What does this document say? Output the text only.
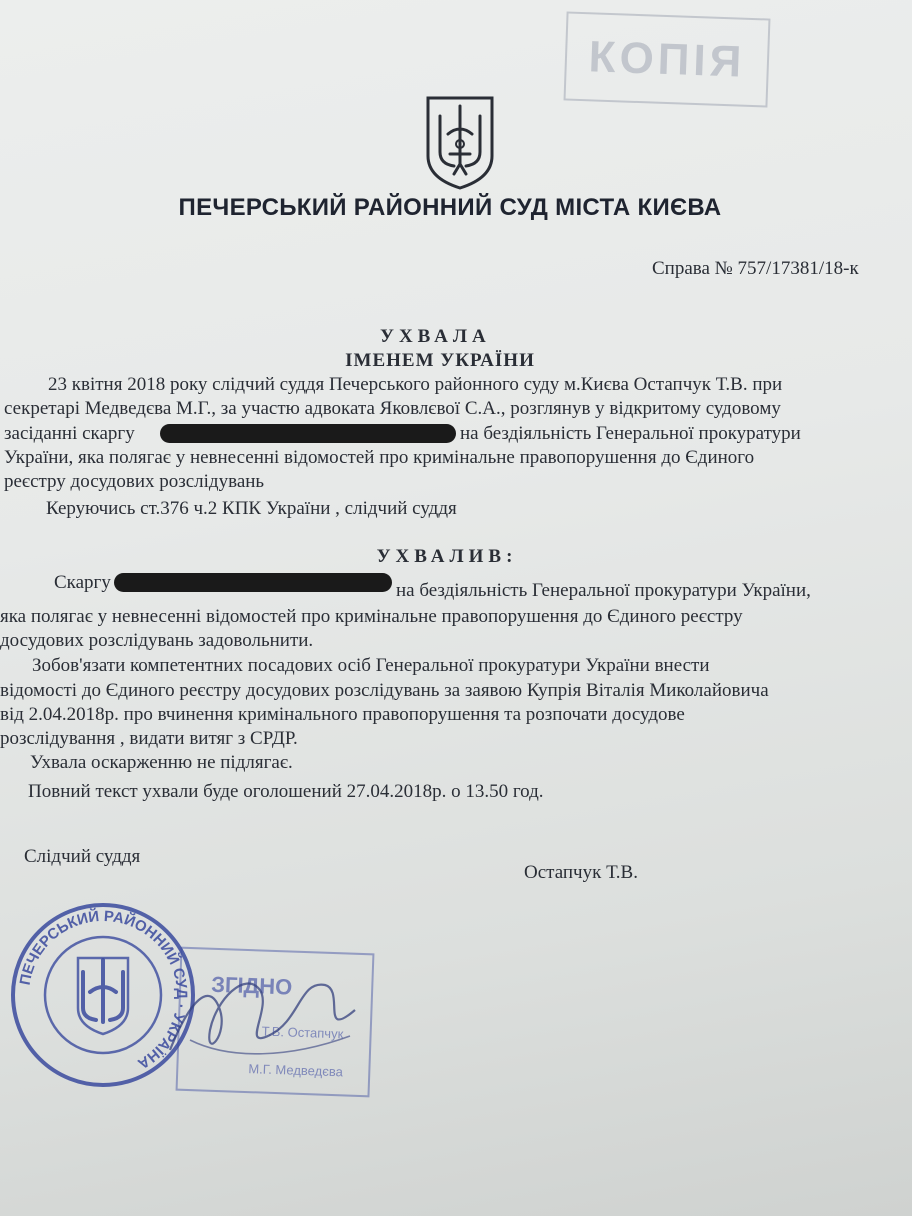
КОПІЯ
ПЕЧЕРСЬКИЙ РАЙОННИЙ СУД МІСТА КИЄВА
Справа № 757/17381/18-к
УХВАЛА
ІМЕНЕМ УКРАЇНИ
23 квітня 2018 року слідчий суддя Печерського районного суду м.Києва Остапчук Т.В. при
секретарі Медведєва М.Г., за участю адвоката Яковлєвої С.А., розглянув у відкритому судовому
засіданні скаргу	на бездіяльність Генеральної прокуратури
України, яка полягає у невнесенні відомостей про кримінальне правопорушення до Єдиного
реєстру досудових розслідувань
Керуючись ст.376 ч.2 КПК України , слідчий суддя
УХВАЛИВ:
Скаргу	на бездіяльність Генеральної прокуратури України,
яка полягає у невнесенні відомостей про кримінальне правопорушення до Єдиного реєстру
досудових розслідувань задовольнити.
Зобов'язати компетентних посадових осіб Генеральної прокуратури України внести
відомості до Єдиного реєстру досудових розслідувань за заявою Купрія Віталія Миколайовича
від 2.04.2018р. про вчинення кримінального правопорушення та розпочати досудове
розслідування , видати витяг з СРДР.
Ухвала оскарженню не підлягає.
Повний текст ухвали буде оголошений 27.04.2018р. о 13.50 год.
Слідчий суддя
Остапчук Т.В.
ЗГІДНО
Т.В. Остапчук
М.Г. Медведєва
ПЕЧЕРСЬКИЙ РАЙОННИЙ СУД · УКРАЇНА
